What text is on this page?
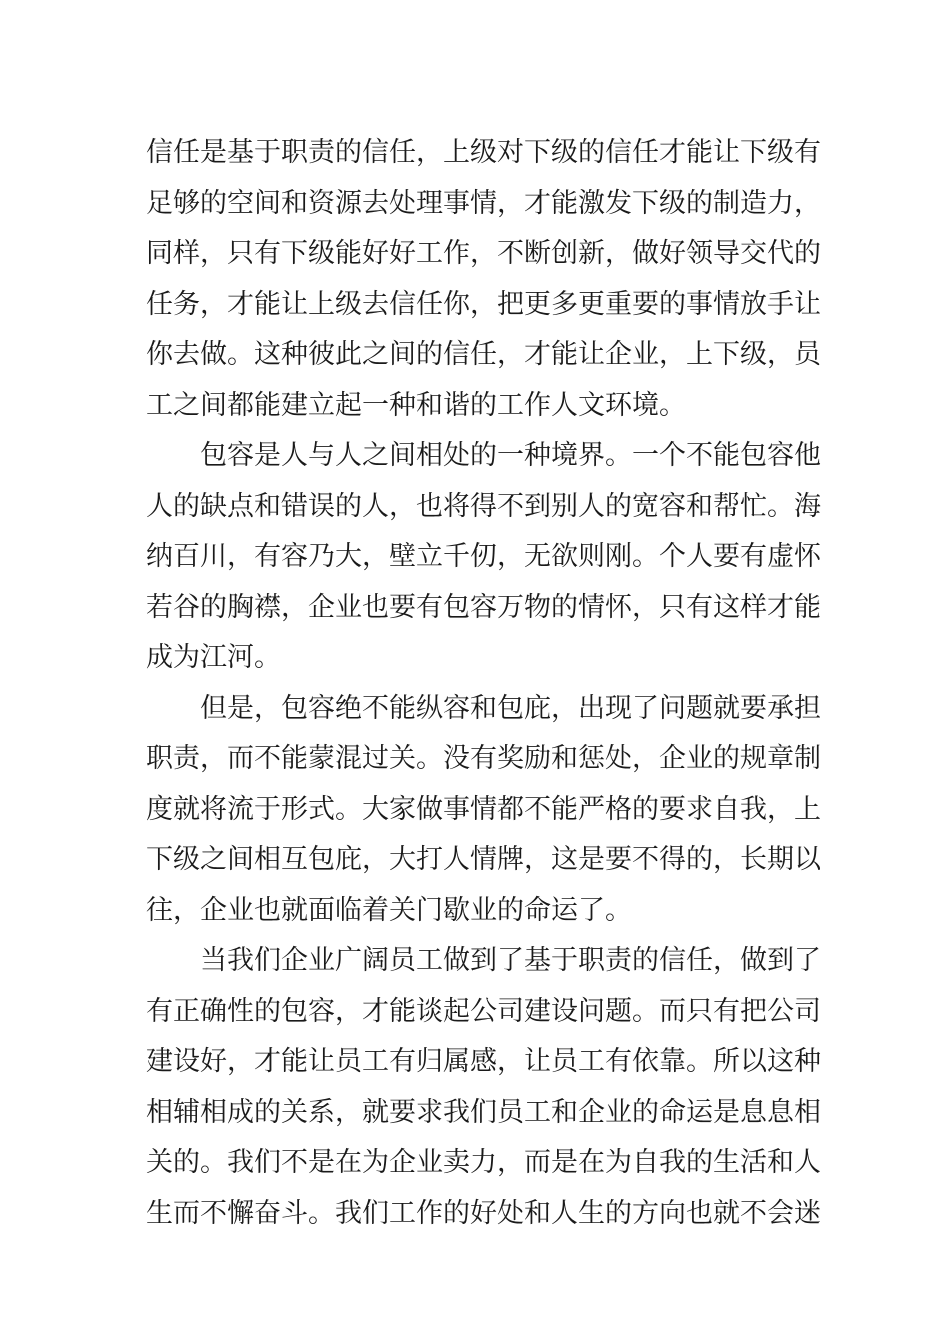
信任是基于职责的信任，上级对下级的信任才能让下级有
足够的空间和资源去处理事情，才能激发下级的制造力，
同样，只有下级能好好工作，不断创新，做好领导交代的
任务，才能让上级去信任你，把更多更重要的事情放手让
你去做。这种彼此之间的信任，才能让企业，上下级，员
工之间都能建立起一种和谐的工作人文环境。
包容是人与人之间相处的一种境界。一个不能包容他
人的缺点和错误的人，也将得不到别人的宽容和帮忙。海
纳百川，有容乃大，壁立千仞，无欲则刚。个人要有虚怀
若谷的胸襟，企业也要有包容万物的情怀，只有这样才能
成为江河。
但是，包容绝不能纵容和包庇，出现了问题就要承担
职责，而不能蒙混过关。没有奖励和惩处，企业的规章制
度就将流于形式。大家做事情都不能严格的要求自我，上
下级之间相互包庇，大打人情牌，这是要不得的，长期以
往，企业也就面临着关门歇业的命运了。
当我们企业广阔员工做到了基于职责的信任，做到了
有正确性的包容，才能谈起公司建设问题。而只有把公司
建设好，才能让员工有归属感，让员工有依靠。所以这种
相辅相成的关系，就要求我们员工和企业的命运是息息相
关的。我们不是在为企业卖力，而是在为自我的生活和人
生而不懈奋斗。我们工作的好处和人生的方向也就不会迷
